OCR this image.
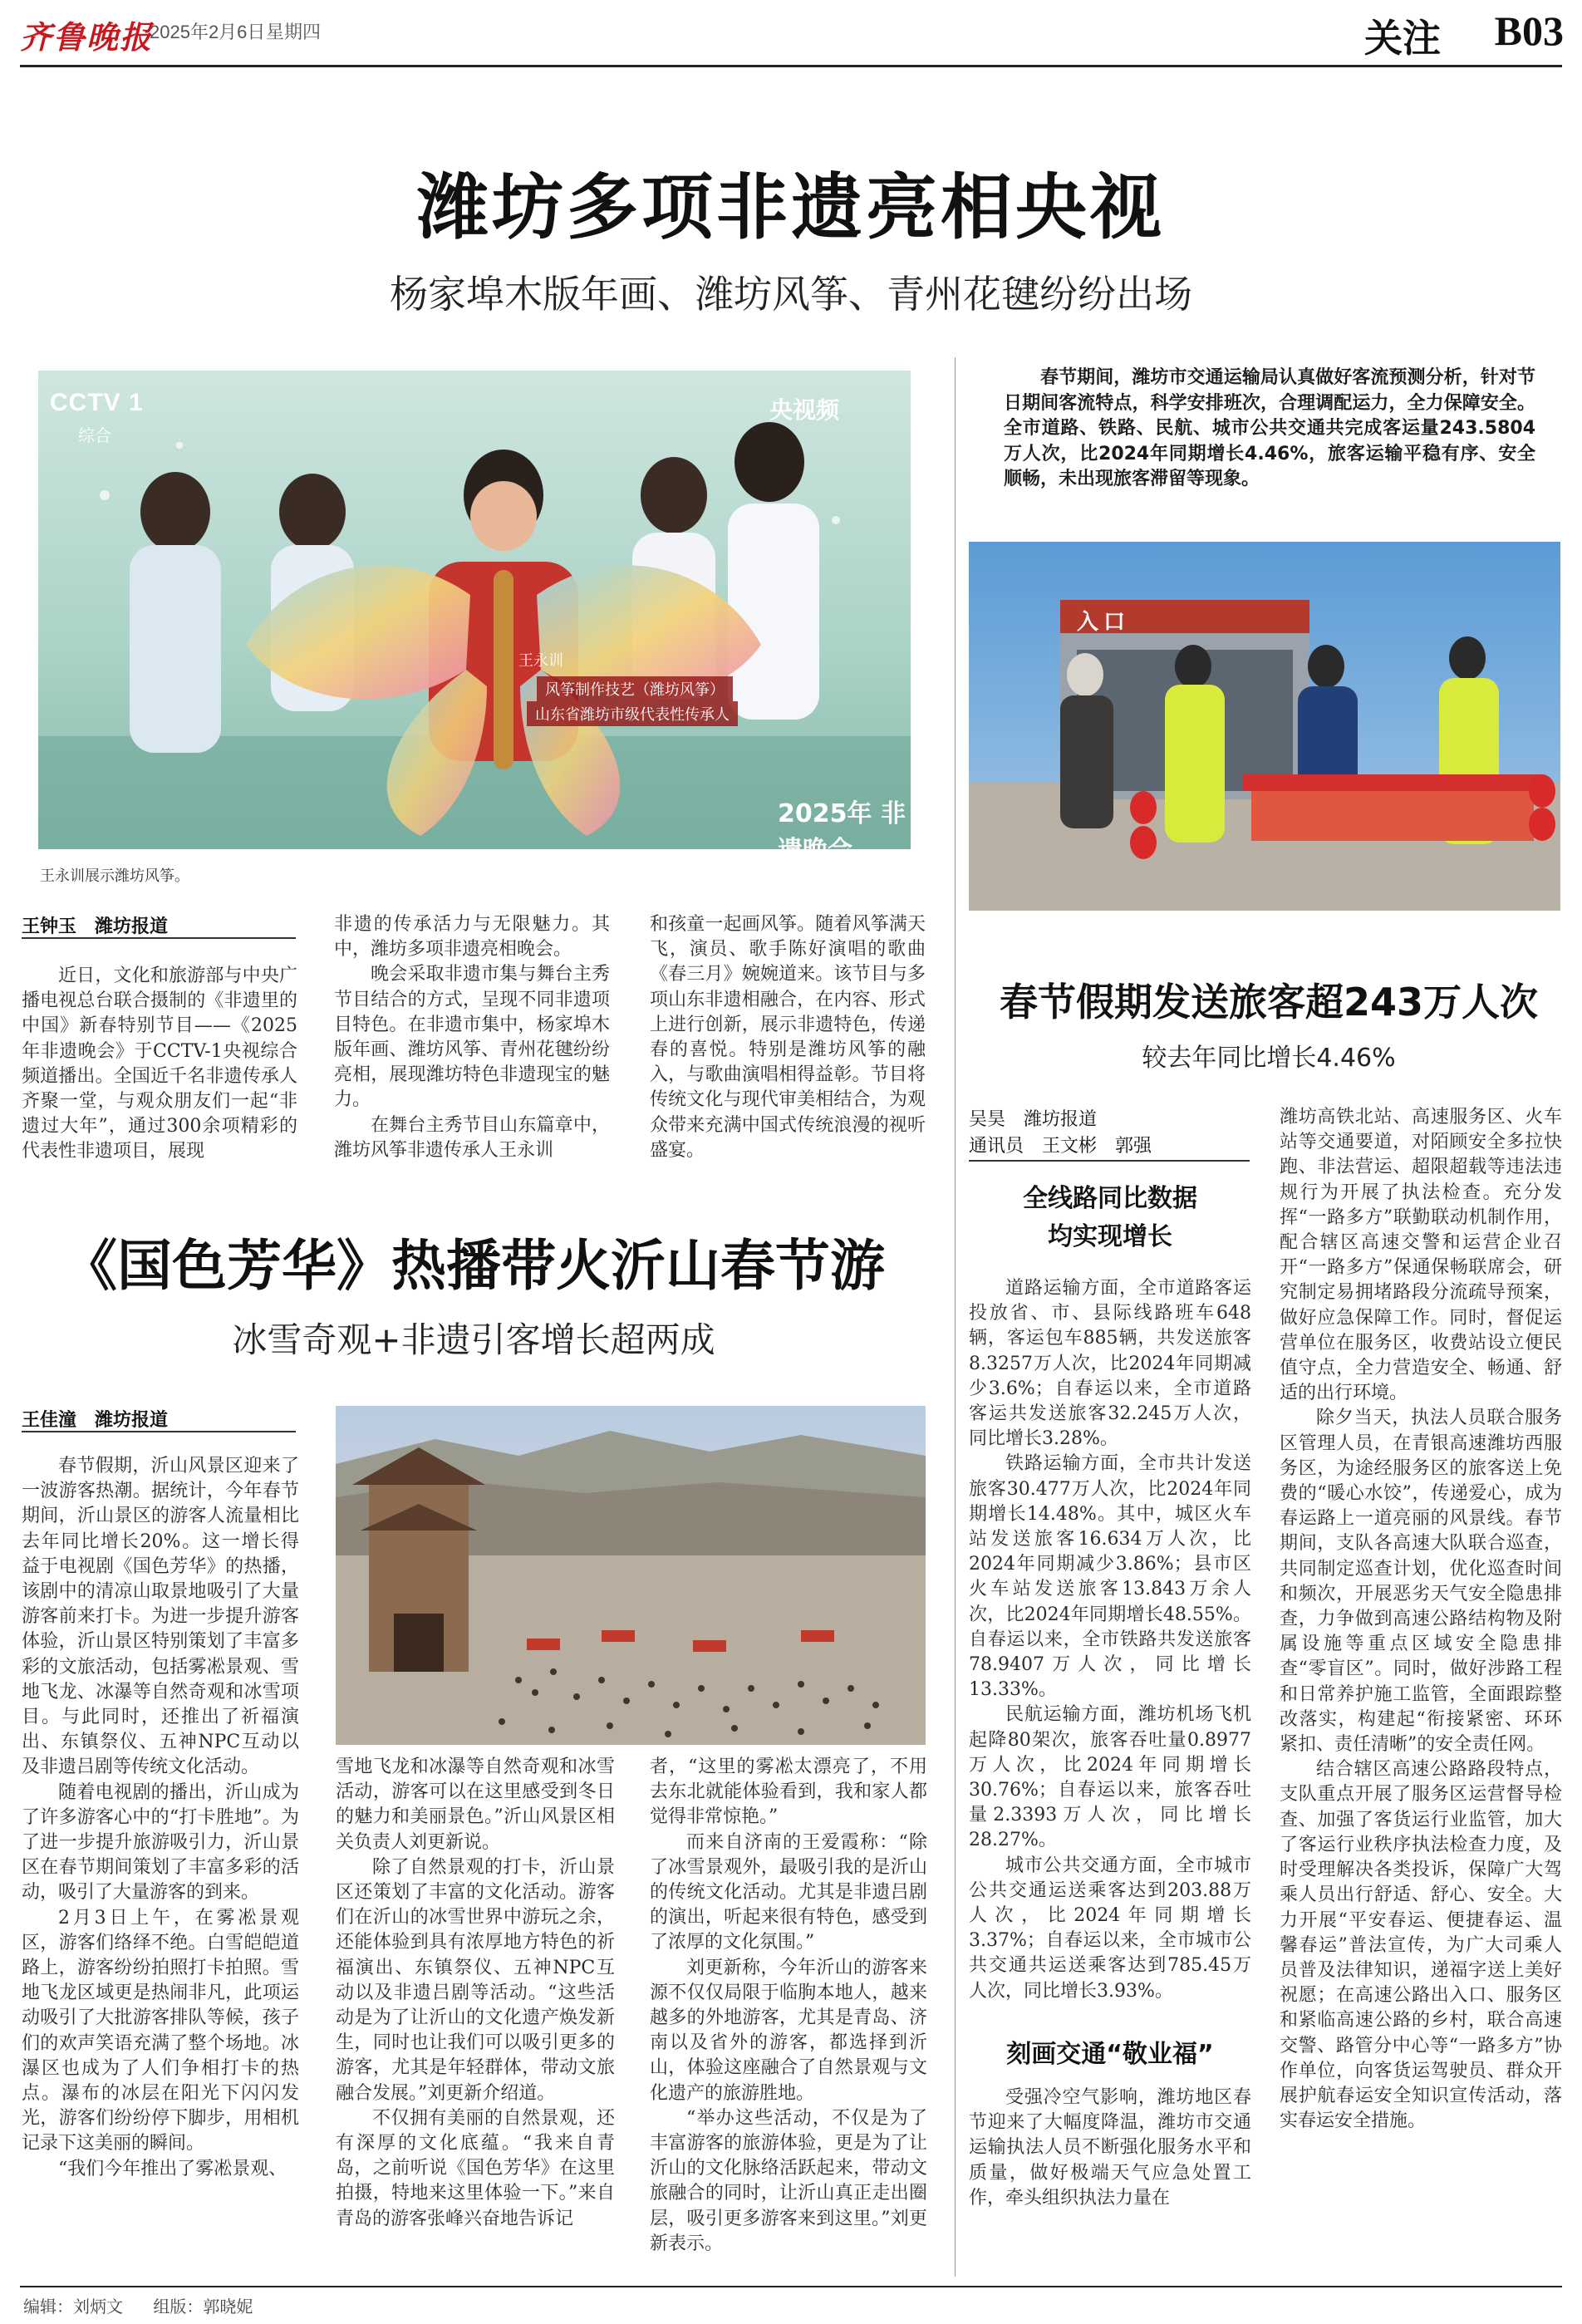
齐鲁晚报
2025年2月6日 星期四	关注 B03
潍坊多项非遗亮相央视
杨家埠木版年画、潍坊风筝、青州花毽纷纷出场
CCTV 1
综合
央视频
王永训
风筝制作技艺（潍坊风筝）
山东省潍坊市级代表性传承人
2025年 非遗晚会
王永训展示潍坊风筝。
王钟玉　潍坊报道

近日，文化和旅游部与中央广播电视总台联合摄制的《非遗里的中国》新春特别节目——《2025年非遗晚会》于CCTV-1央视综合频道播出。全国近千名非遗传承人齐聚一堂，与观众朋友们一起“非遗过大年”，通过300余项精彩的代表性非遗项目，展现

非遗的传承活力与无限魅力。其中，潍坊多项非遗亮相晚会。

晚会采取非遗市集与舞台主秀节目结合的方式，呈现不同非遗项目特色。在非遗市集中，杨家埠木版年画、潍坊风筝、青州花毽纷纷亮相，展现潍坊特色非遗现宝的魅力。

在舞台主秀节目山东篇章中，潍坊风筝非遗传承人王永训

和孩童一起画风筝。随着风筝满天飞，演员、歌手陈好演唱的歌曲《春三月》婉婉道来。该节目与多项山东非遗相融合，在内容、形式上进行创新，展示非遗特色，传递春的喜悦。特别是潍坊风筝的融入，与歌曲演唱相得益彰。节目将传统文化与现代审美相结合，为观众带来充满中国式传统浪漫的视听盛宴。

《国色芳华》热播带火沂山春节游
冰雪奇观+非遗引客增长超两成
王佳潼　潍坊报道

春节假期，沂山风景区迎来了一波游客热潮。据统计，今年春节期间，沂山景区的游客人流量相比去年同比增长20%。这一增长得益于电视剧《国色芳华》的热播，该剧中的清凉山取景地吸引了大量游客前来打卡。为进一步提升游客体验，沂山景区特别策划了丰富多彩的文旅活动，包括雾凇景观、雪地飞龙、冰瀑等自然奇观和冰雪项目。与此同时，还推出了祈福演出、东镇祭仪、五神NPC互动以及非遗吕剧等传统文化活动。

随着电视剧的播出，沂山成为了许多游客心中的“打卡胜地”。为了进一步提升旅游吸引力，沂山景区在春节期间策划了丰富多彩的活动，吸引了大量游客的到来。

2月3日上午，在雾凇景观区，游客们络绎不绝。白雪皑皑道路上，游客纷纷拍照打卡拍照。雪地飞龙区域更是热闹非凡，此项运动吸引了大批游客排队等候，孩子们的欢声笑语充满了整个场地。冰瀑区也成为了人们争相打卡的热点。瀑布的冰层在阳光下闪闪发光，游客们纷纷停下脚步，用相机记录下这美丽的瞬间。

“我们今年推出了雾凇景观、

雪地飞龙和冰瀑等自然奇观和冰雪活动，游客可以在这里感受到冬日的魅力和美丽景色。”沂山风景区相关负责人刘更新说。

除了自然景观的打卡，沂山景区还策划了丰富的文化活动。游客们在沂山的冰雪世界中游玩之余，还能体验到具有浓厚地方特色的祈福演出、东镇祭仪、五神NPC互动以及非遗吕剧等活动。“这些活动是为了让沂山的文化遗产焕发新生，同时也让我们可以吸引更多的游客，尤其是年轻群体，带动文旅融合发展。”刘更新介绍道。

不仅拥有美丽的自然景观，还有深厚的文化底蕴。“我来自青岛，之前听说《国色芳华》在这里拍摄，特地来这里体验一下。”来自青岛的游客张峰兴奋地告诉记

者，“这里的雾凇太漂亮了，不用去东北就能体验看到，我和家人都觉得非常惊艳。”

而来自济南的王爱霞称：“除了冰雪景观外，最吸引我的是沂山的传统文化活动。尤其是非遗吕剧的演出，听起来很有特色，感受到了浓厚的文化氛围。”

刘更新称，今年沂山的游客来源不仅仅局限于临朐本地人，越来越多的外地游客，尤其是青岛、济南以及省外的游客，都选择到沂山，体验这座融合了自然景观与文化遗产的旅游胜地。

“举办这些活动，不仅是为了丰富游客的旅游体验，更是为了让沂山的文化脉络活跃起来，带动文旅融合的同时，让沂山真正走出圈层，吸引更多游客来到这里。”刘更新表示。

春节期间，潍坊市交通运输局认真做好客流预测分析，针对节日期间客流特点，科学安排班次，合理调配运力，全力保障安全。全市道路、铁路、民航、城市公共交通共完成客运量243.5804万人次，比2024年同期增长4.46%，旅客运输平稳有序、安全顺畅，未出现旅客滞留等现象。
入口
春节假期发送旅客超243万人次
较去年同比增长4.46%
吴昊　潍坊报道
通讯员　王文彬　郭强
全线路同比数据
均实现增长

道路运输方面，全市道路客运投放省、市、县际线路班车648辆，客运包车885辆，共发送旅客8.3257万人次，比2024年同期减少3.6%；自春运以来，全市道路客运共发送旅客32.245万人次，同比增长3.28%。

铁路运输方面，全市共计发送旅客30.477万人次，比2024年同期增长14.48%。其中，城区火车站发送旅客16.634万人次，比2024年同期减少3.86%；县市区火车站发送旅客13.843万余人次，比2024年同期增长48.55%。自春运以来，全市铁路共发送旅客78.9407万人次，同比增长13.33%。

民航运输方面，潍坊机场飞机起降80架次，旅客吞吐量0.8977万人次，比2024年同期增长30.76%；自春运以来，旅客吞吐量2.3393万人次，同比增长28.27%。

城市公共交通方面，全市城市公共交通运送乘客达到203.88万人次，比2024年同期增长3.37%；自春运以来，全市城市公共交通共运送乘客达到785.45万人次，同比增长3.93%。

刻画交通“敬业福”

受强冷空气影响，潍坊地区春节迎来了大幅度降温，潍坊市交通运输执法人员不断强化服务水平和质量，做好极端天气应急处置工作，牵头组织执法力量在

潍坊高铁北站、高速服务区、火车站等交通要道，对陌顾安全多拉快跑、非法营运、超限超载等违法违规行为开展了执法检查。充分发挥“一路多方”联勤联动机制作用，配合辖区高速交警和运营企业召开“一路多方”保通保畅联席会，研究制定易拥堵路段分流疏导预案，做好应急保障工作。同时，督促运营单位在服务区，收费站设立便民值守点，全力营造安全、畅通、舒适的出行环境。

除夕当天，执法人员联合服务区管理人员，在青银高速潍坊西服务区，为途经服务区的旅客送上免费的“暖心水饺”，传递爱心，成为春运路上一道亮丽的风景线。春节期间，支队各高速大队联合巡查，共同制定巡查计划，优化巡查时间和频次，开展恶劣天气安全隐患排查，力争做到高速公路结构物及附属设施等重点区域安全隐患排查“零盲区”。同时，做好涉路工程和日常养护施工监管，全面跟踪整改落实，构建起“衔接紧密、环环紧扣、责任清晰”的安全责任网。

结合辖区高速公路路段特点，支队重点开展了服务区运营督导检查、加强了客货运行业监管，加大了客运行业秩序执法检查力度，及时受理解决各类投诉，保障广大驾乘人员出行舒适、舒心、安全。大力开展“平安春运、便捷春运、温馨春运”普法宣传，为广大司乘人员普及法律知识，递福字送上美好祝愿；在高速公路出入口、服务区和紧临高速公路的乡村，联合高速交警、路管分中心等“一路多方”协作单位，向客货运驾驶员、群众开展护航春运安全知识宣传活动，落实春运安全措施。

编辑：刘炳文 组版：郭晓妮
